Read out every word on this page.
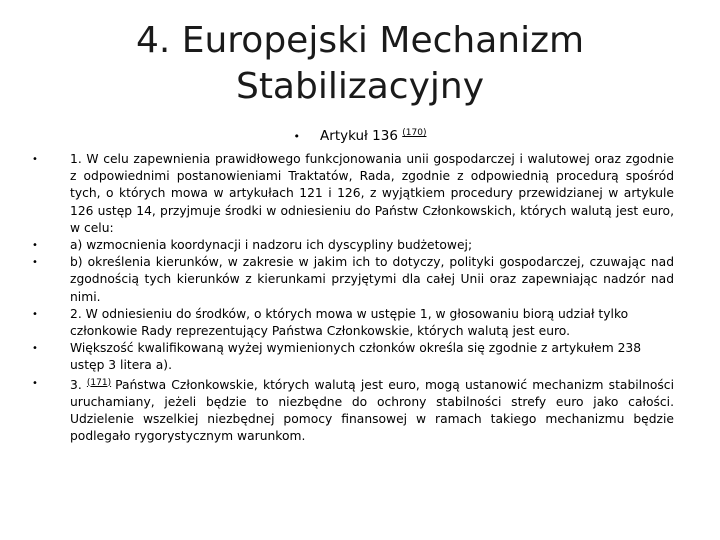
4. Europejski Mechanizm
Stabilizacyjny
• Artykuł 136 $^{(170)}$

•	1. W celu zapewnienia prawidłowego funkcjonowania unii gospodarczej i walutowej oraz zgodnie z odpowiednimi postanowieniami Traktatów, Rada, zgodnie z odpowiednią procedurą spośród tych, o których mowa w artykułach 121 i 126, z wyjątkiem procedury przewidzianej w artykule 126 ustęp 14, przyjmuje środki w odniesieniu do Państw Członkowskich, których walutą jest euro, w celu:

•	a) wzmocnienia koordynacji i nadzoru ich dyscypliny budżetowej;

•	b) określenia kierunków, w zakresie w jakim ich to dotyczy, polityki gospodarczej, czuwając nad zgodnością tych kierunków z kierunkami przyjętymi dla całej Unii oraz zapewniając nadzór nad nimi.

•	2. W odniesieniu do środków, o których mowa w ustępie 1, w głosowaniu biorą udział tylko członkowie Rady reprezentujący Państwa Członkowskie, których walutą jest euro.

•	Większość kwalifikowaną wyżej wymienionych członków określa się zgodnie z artykułem 238 ustęp 3 litera a).

•	3. $^{(171)}$ Państwa Członkowskie, których walutą jest euro, mogą ustanowić mechanizm stabilności uruchamiany, jeżeli będzie to niezbędne do ochrony stabilności strefy euro jako całości. Udzielenie wszelkiej niezbędnej pomocy finansowej w ramach takiego mechanizmu będzie podlegało rygorystycznym warunkom.
